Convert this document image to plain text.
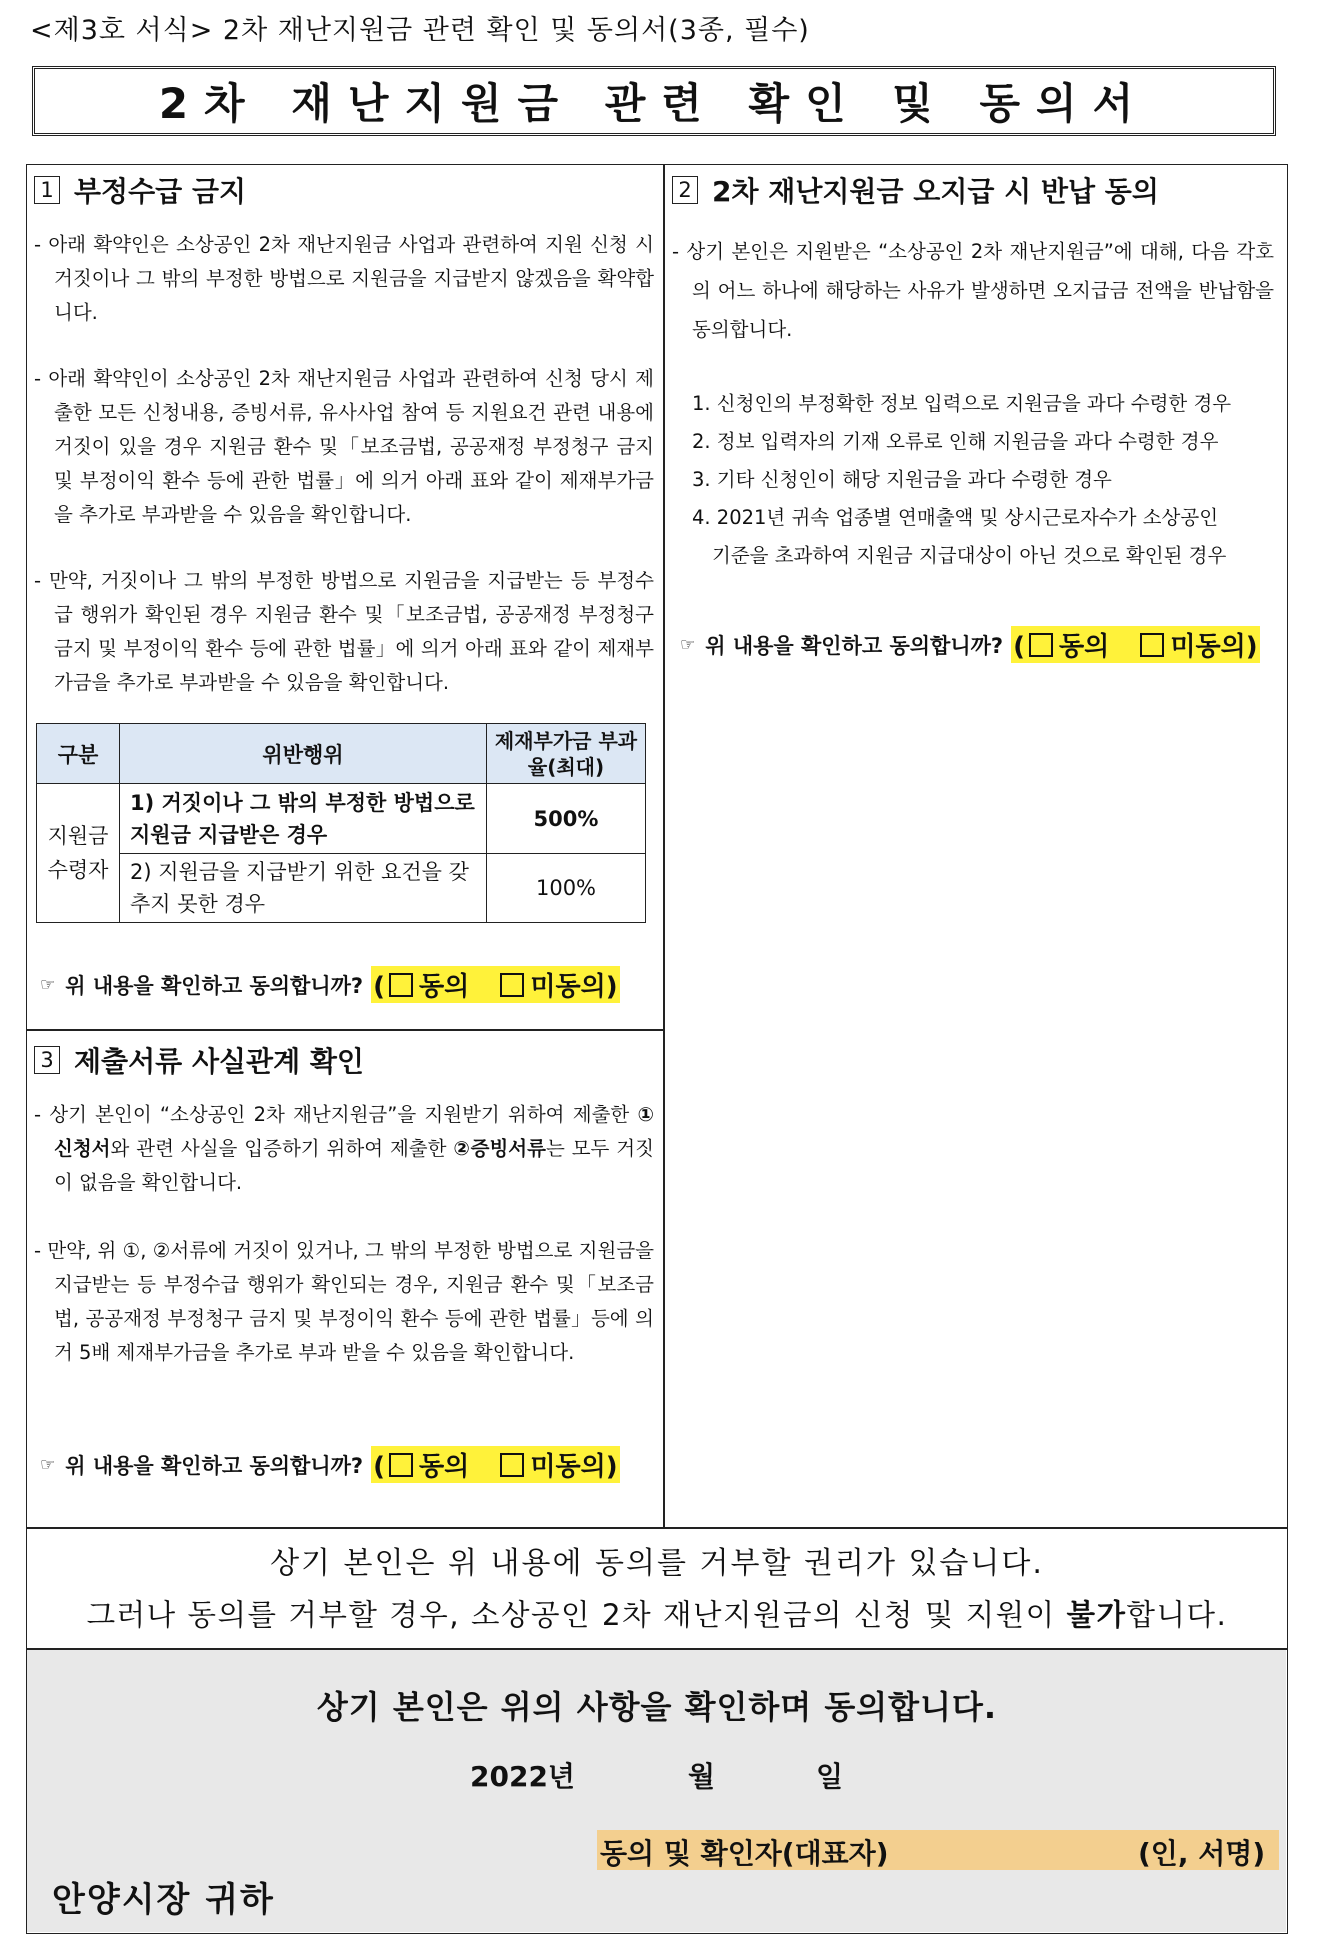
<제3호 서식> 2차 재난지원금 관련 확인 및 동의서(3종, 필수)
2차 재난지원금 관련 확인 및 동의서
1 부정수급 금지
- 아래 확약인은 소상공인 2차 재난지원금 사업과 관련하여 지원 신청 시 거짓이나 그 밖의 부정한 방법으로 지원금을 지급받지 않겠음을 확약합니다.
- 아래 확약인이 소상공인 2차 재난지원금 사업과 관련하여 신청 당시 제출한 모든 신청내용, 증빙서류, 유사사업 참여 등 지원요건 관련 내용에 거짓이 있을 경우 지원금 환수 및「보조금법, 공공재정 부정청구 금지 및 부정이익 환수 등에 관한 법률」에 의거 아래 표와 같이 제재부가금을 추가로 부과받을 수 있음을 확인합니다.
- 만약, 거짓이나 그 밖의 부정한 방법으로 지원금을 지급받는 등 부정수급 행위가 확인된 경우 지원금 환수 및「보조금법, 공공재정 부정청구 금지 및 부정이익 환수 등에 관한 법률」에 의거 아래 표와 같이 제재부가금을 추가로 부과받을 수 있음을 확인합니다.
구분	위반행위	제재부가금 부과율(최대)
지원금 수령자	1) 거짓이나 그 밖의 부정한 방법으로 지원금 지급받은 경우	500%
	2) 지원금을 지급받기 위한 요건을 갖추지 못한 경우	100%
☞ 위 내용을 확인하고 동의합니까? ( 동의 미동의)
2 2차 재난지원금 오지급 시 반납 동의
- 상기 본인은 지원받은 “소상공인 2차 재난지원금”에 대해, 다음 각호의 어느 하나에 해당하는 사유가 발생하면 오지급금 전액을 반납함을 동의합니다.
1. 신청인의 부정확한 정보 입력으로 지원금을 과다 수령한 경우
2. 정보 입력자의 기재 오류로 인해 지원금을 과다 수령한 경우
3. 기타 신청인이 해당 지원금을 과다 수령한 경우
4. 2021년 귀속 업종별 연매출액 및 상시근로자수가 소상공인
기준을 초과하여 지원금 지급대상이 아닌 것으로 확인된 경우
☞ 위 내용을 확인하고 동의합니까? ( 동의 미동의)
3 제출서류 사실관계 확인
- 상기 본인이 “소상공인 2차 재난지원금”을 지원받기 위하여 제출한 ①신청서와 관련 사실을 입증하기 위하여 제출한 ②증빙서류는 모두 거짓이 없음을 확인합니다.
- 만약, 위 ①, ②서류에 거짓이 있거나, 그 밖의 부정한 방법으로 지원금을 지급받는 등 부정수급 행위가 확인되는 경우, 지원금 환수 및「보조금법, 공공재정 부정청구 금지 및 부정이익 환수 등에 관한 법률」등에 의거 5배 제재부가금을 추가로 부과 받을 수 있음을 확인합니다.
☞ 위 내용을 확인하고 동의합니까? ( 동의 미동의)
상기 본인은 위 내용에 동의를 거부할 권리가 있습니다.
그러나 동의를 거부할 경우, 소상공인 2차 재난지원금의 신청 및 지원이 불가합니다.
상기 본인은 위의 사항을 확인하며 동의합니다.
2022년	월	일
동의 및 확인자(대표자)	(인, 서명)
안양시장 귀하
